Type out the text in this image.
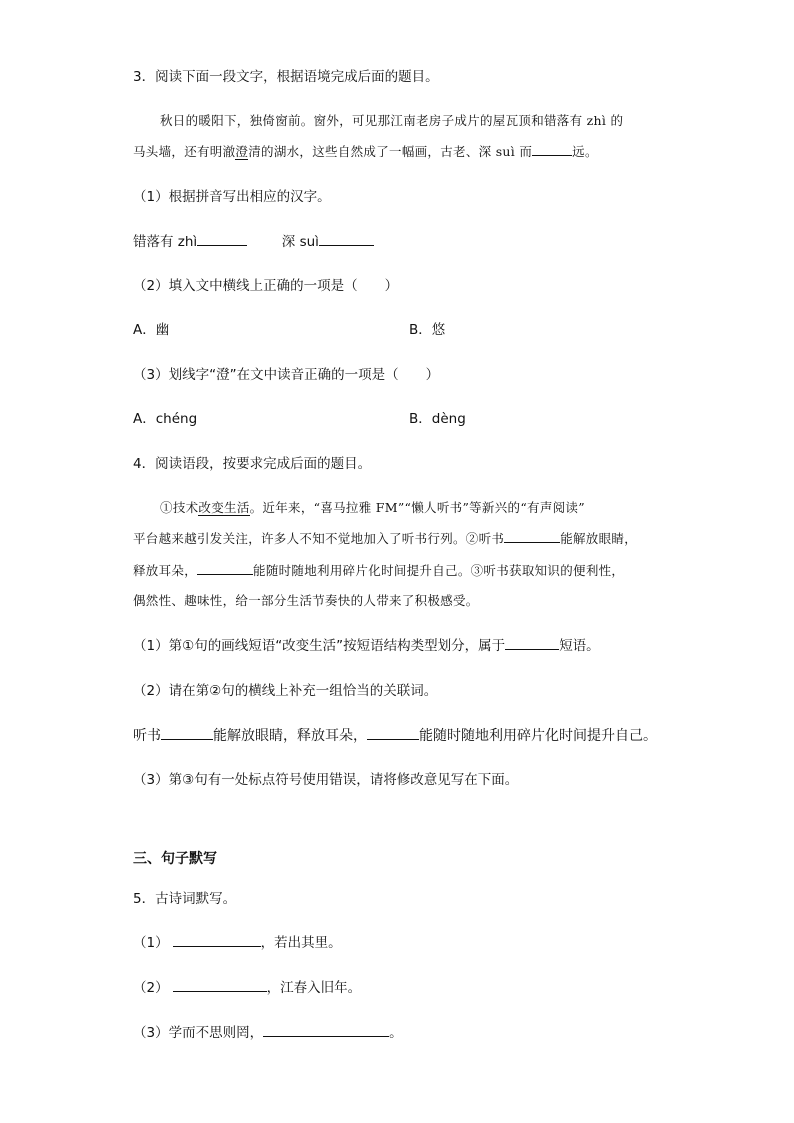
3．阅读下面一段文字，根据语境完成后面的题目。
秋日的暖阳下，独倚窗前。窗外，可见那江南老房子成片的屋瓦顶和错落有 zhì 的
马头墙，还有明澈澄清的湖水，这些自然成了一幅画，古老、深 suì 而	远。
（1）根据拼音写出相应的汉字。
错落有 zhì	深 suì
（2）填入文中横线上正确的一项是（　　）
A．幽	B．悠
（3）划线字“澄”在文中读音正确的一项是（　　）
A．chéng	B．dèng
4．阅读语段，按要求完成后面的题目。
①技术改变生活。近年来，“喜马拉雅 FM”“懒人听书”等新兴的“有声阅读”
平台越来越引发关注，许多人不知不觉地加入了听书行列。②听书	能解放眼睛，
释放耳朵，	能随时随地利用碎片化时间提升自己。③听书获取知识的便利性，
偶然性、趣味性，给一部分生活节奏快的人带来了积极感受。
（1）第①句的画线短语“改变生活”按短语结构类型划分，属于	短语。
（2）请在第②句的横线上补充一组恰当的关联词。
听书	能解放眼睛，释放耳朵，	能随时随地利用碎片化时间提升自己。
（3）第③句有一处标点符号使用错误，请将修改意见写在下面。
三、句子默写
5．古诗词默写。
（1）	，若出其里。
（2）	，江春入旧年。
（3）学而不思则罔，	。
